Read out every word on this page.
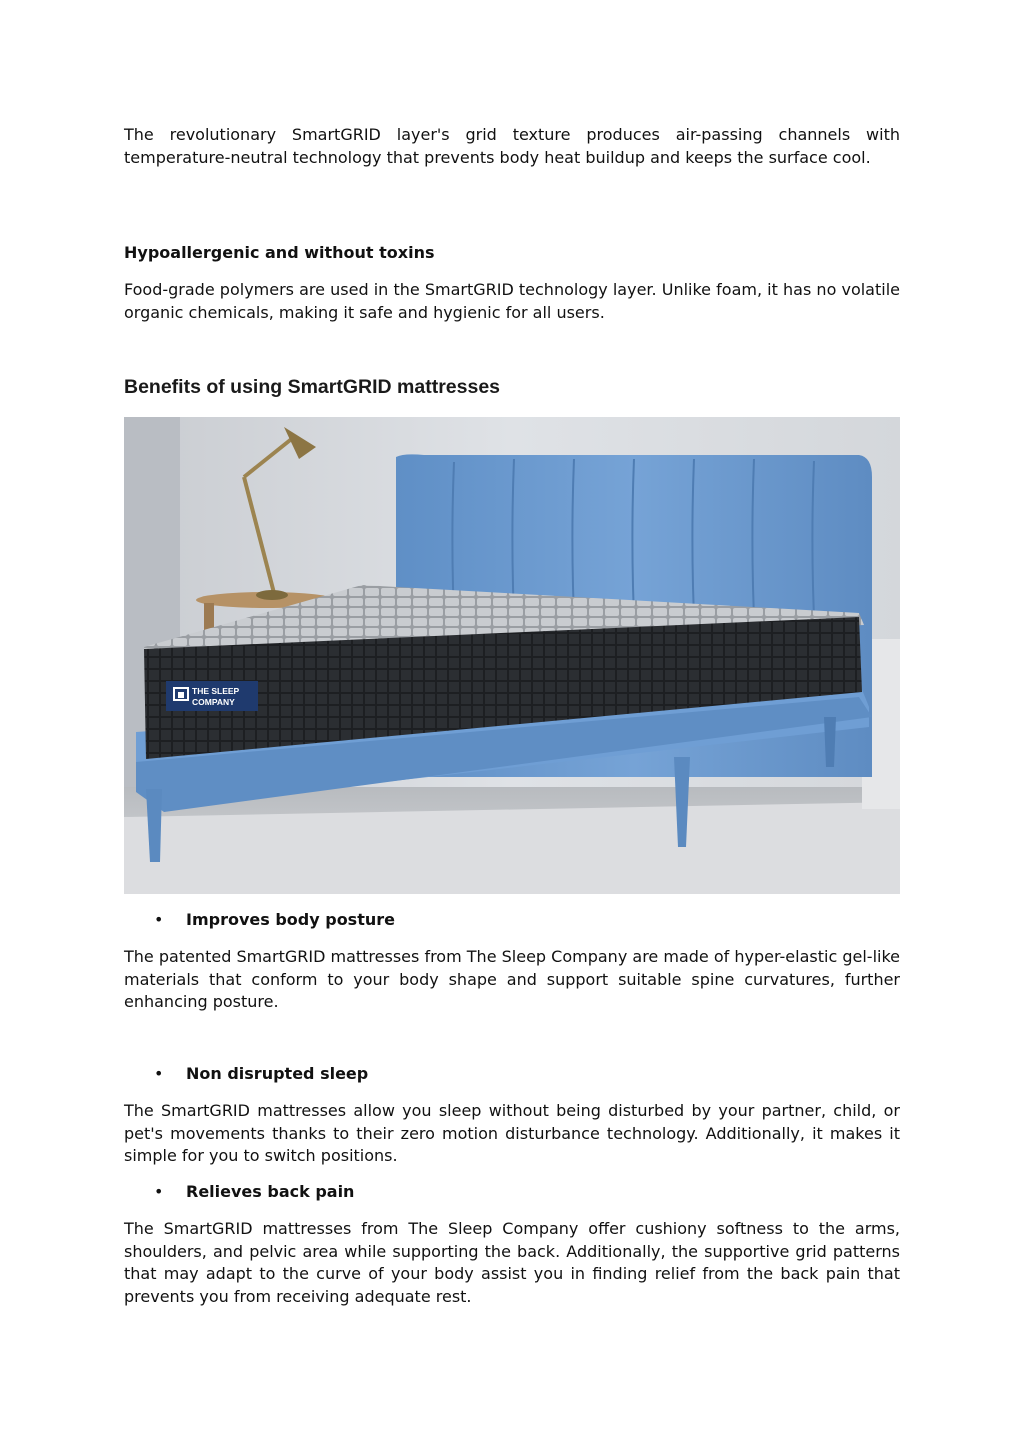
The revolutionary SmartGRID layer's grid texture produces air-passing channels with temperature-neutral technology that prevents body heat buildup and keeps the surface cool.

Hypoallergenic and without toxins

Food-grade polymers are used in the SmartGRID technology layer. Unlike foam, it has no volatile organic chemicals, making it safe and hygienic for all users.

Benefits of using SmartGRID mattresses
THE SLEEP
COMPANY
• Improves body posture

The patented SmartGRID mattresses from The Sleep Company are made of hyper-elastic gel-like materials that conform to your body shape and support suitable spine curvatures, further enhancing posture.

• Non disrupted sleep

The SmartGRID mattresses allow you sleep without being disturbed by your partner, child, or pet's movements thanks to their zero motion disturbance technology. Additionally, it makes it simple for you to switch positions.

• Relieves back pain

The SmartGRID mattresses from The Sleep Company offer cushiony softness to the arms, shoulders, and pelvic area while supporting the back. Additionally, the supportive grid patterns that may adapt to the curve of your body assist you in finding relief from the back pain that prevents you from receiving adequate rest.
